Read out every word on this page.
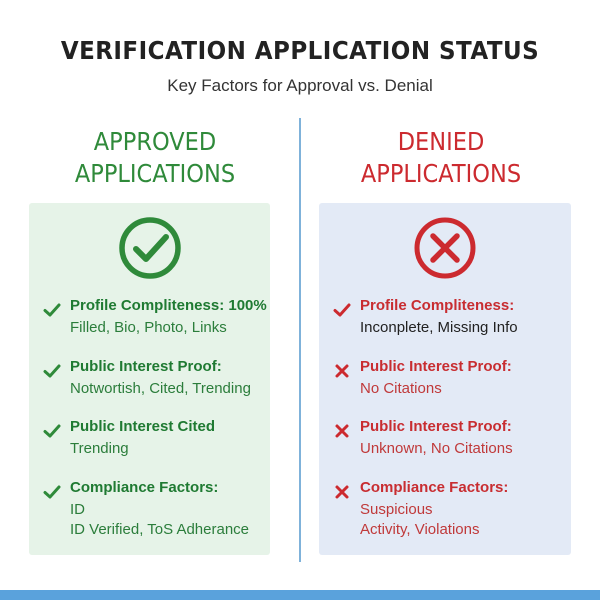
VERIFICATION APPLICATION STATUS
Key Factors for Approval vs. Denial
APPROVED
APPLICATIONS
DENIED
APPLICATIONS
Profile Compliteness: 100%
Filled, Bio, Photo, Links
Public Interest Proof:
Notwortish, Cited, Trending
Public Interest Cited
Trending
Compliance Factors:
ID
ID Verified, ToS Adherance
Profile Compliteness:
Inconplete, Missing Info
Public Interest Proof:
No Citations
Public Interest Proof:
Unknown, No Citations
Compliance Factors:
Suspicious
Activity, Violations
